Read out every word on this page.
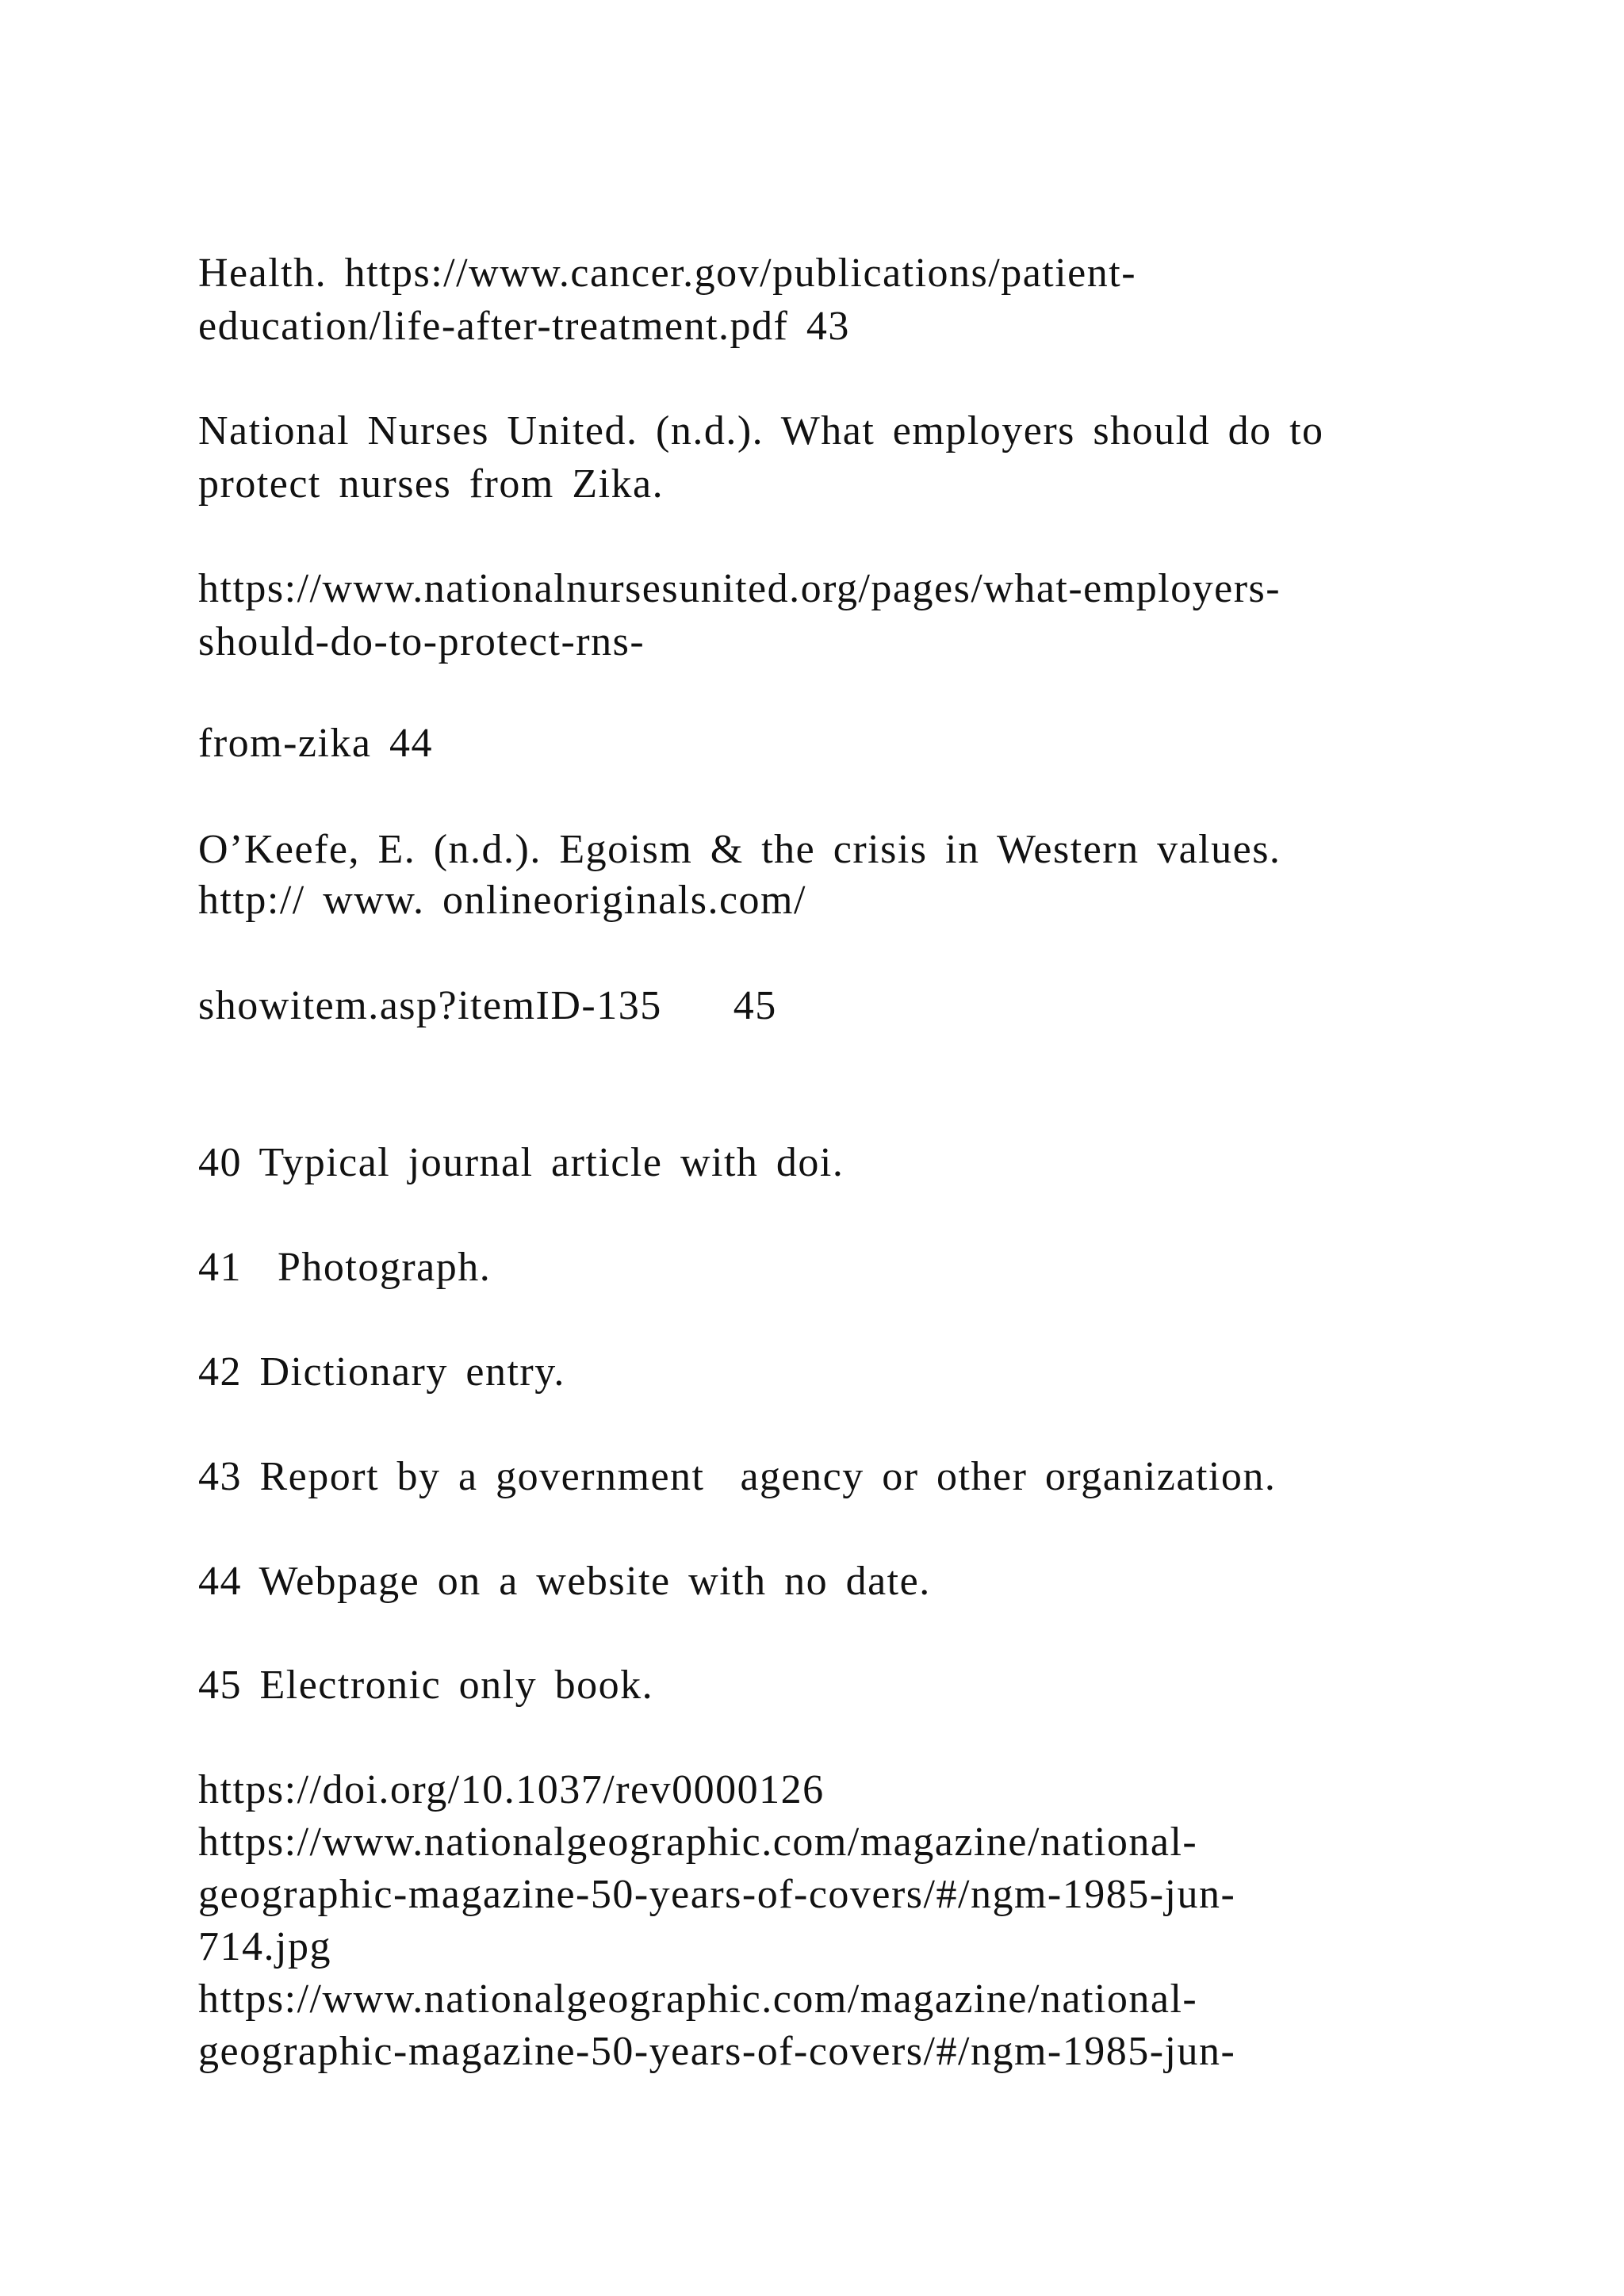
Health. https://www.cancer.gov/publications/patient-
education/life-after-treatment.pdf 43
National Nurses United. (n.d.). What employers should do to
protect nurses from Zika.
https://www.nationalnursesunited.org/pages/what-employers-
should-do-to-protect-rns-
from-zika 44
O’Keefe, E. (n.d.). Egoism & the crisis in Western values.
http:// www. onlineoriginals.com/
showitem.asp?itemID-135    45
40 Typical journal article with doi.
41  Photograph.
42 Dictionary entry.
43 Report by a government  agency or other organization.
44 Webpage on a website with no date.
45 Electronic only book.
https://doi.org/10.1037/rev0000126
https://www.nationalgeographic.com/magazine/national-
geographic-magazine-50-years-of-covers/#/ngm-1985-jun-
714.jpg
https://www.nationalgeographic.com/magazine/national-
geographic-magazine-50-years-of-covers/#/ngm-1985-jun-
